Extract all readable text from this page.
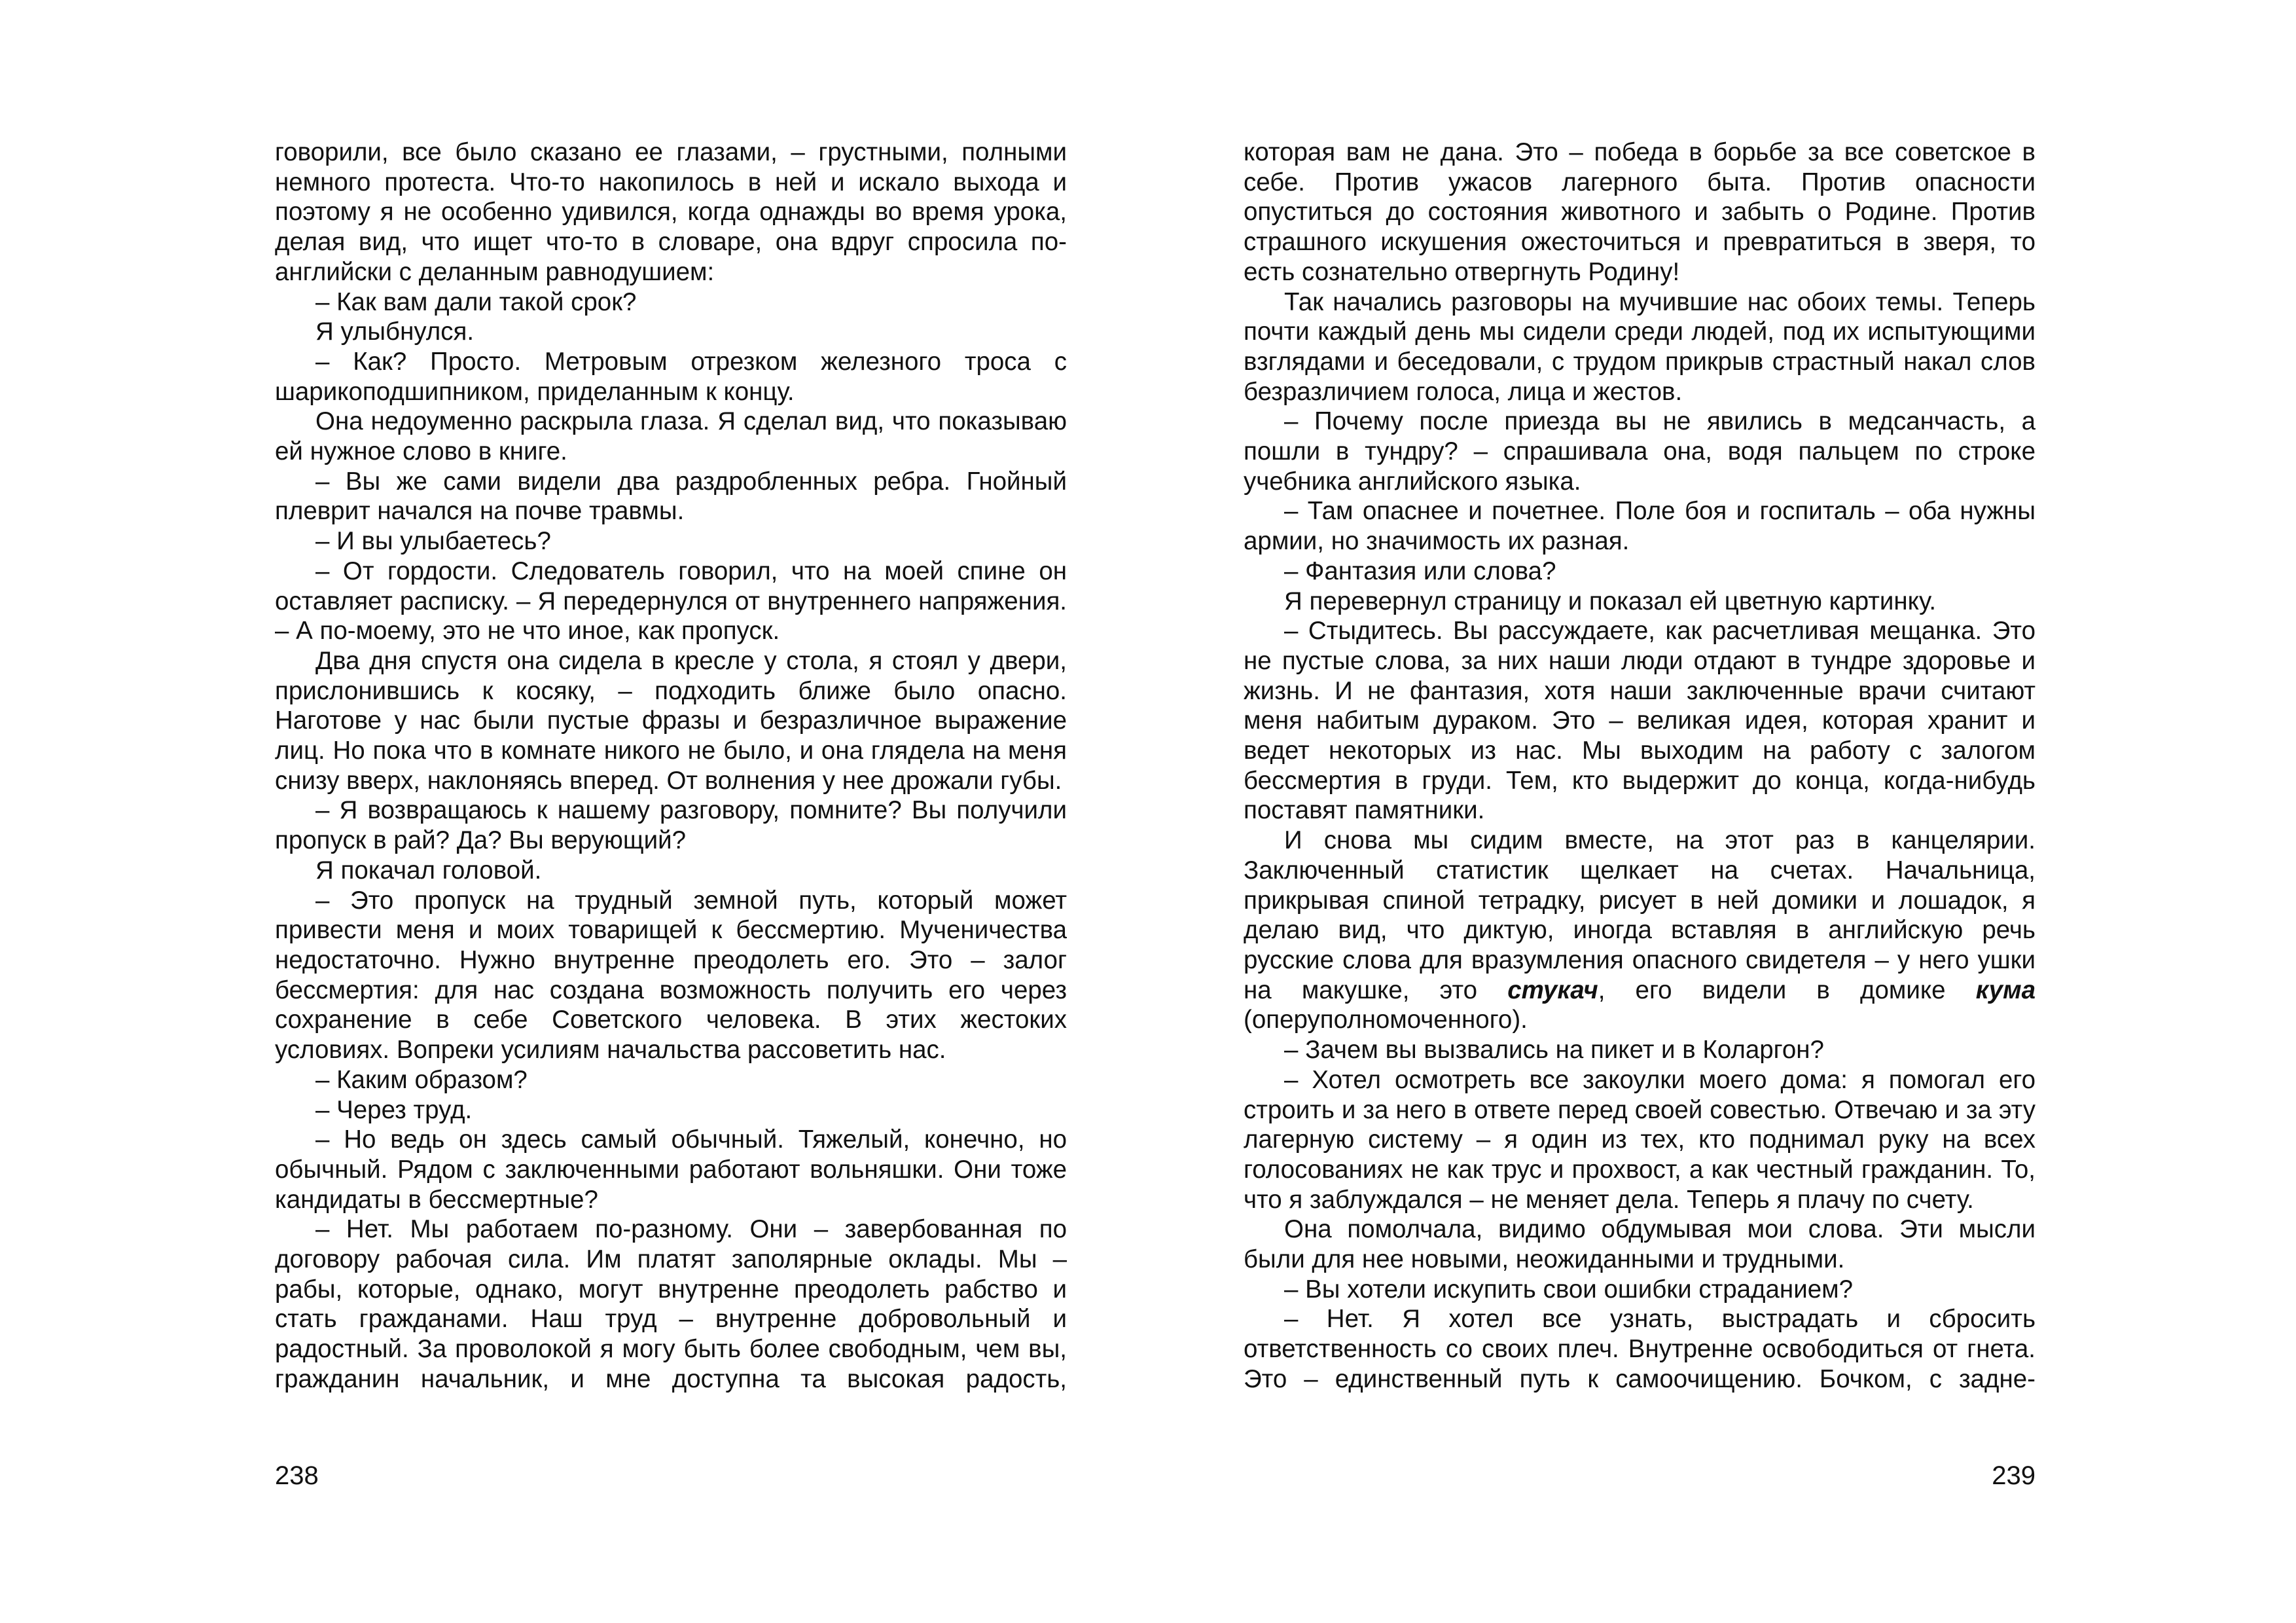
говорили, все было сказано ее глазами, – грустными, полными немного протеста. Что-то накопилось в ней и искало выхода и поэтому я не особенно удивился, когда однажды во время урока, делая вид, что ищет что-то в словаре, она вдруг спросила по-английски с деланным равнодушием:

– Как вам дали такой срок?

Я улыбнулся.

– Как? Просто. Метровым отрезком железного троса с шарикоподшипником, приделанным к концу.

Она недоуменно раскрыла глаза. Я сделал вид, что показываю ей нужное слово в книге.

– Вы же сами видели два раздробленных ребра. Гнойный плеврит начался на почве травмы.

– И вы улыбаетесь?

– От гордости. Следователь говорил, что на моей спине он оставляет расписку. – Я передернулся от внутреннего напряжения. – А по-моему, это не что иное, как пропуск.

Два дня спустя она сидела в кресле у стола, я стоял у двери, прислонившись к косяку, – подходить ближе было опасно. Наготове у нас были пустые фразы и безразличное выражение лиц. Но пока что в комнате никого не было, и она глядела на меня снизу вверх, наклоняясь вперед. От волнения у нее дрожали губы.

– Я возвращаюсь к нашему разговору, помните? Вы получили пропуск в рай? Да? Вы верующий?

Я покачал головой.

– Это пропуск на трудный земной путь, который может привести меня и моих товарищей к бессмертию. Мученичества недостаточно. Нужно внутренне преодолеть его. Это – залог бессмертия: для нас создана возможность получить его через сохранение в себе Советского человека. В этих жестоких условиях. Вопреки усилиям начальства рассоветить нас.

– Каким образом?

– Через труд.

– Но ведь он здесь самый обычный. Тяжелый, конечно, но обычный. Рядом с заключенными работают вольняшки. Они тоже кандидаты в бессмертные?

– Нет. Мы работаем по-разному. Они – завербованная по договору рабочая сила. Им платят заполярные оклады. Мы – рабы, которые, однако, могут внутренне преодолеть рабство и стать гражданами. Наш труд – внутренне добровольный и радостный. За проволокой я могу быть более свободным, чем вы, гражданин начальник, и мне доступна та высокая радость,

238

которая вам не дана. Это – победа в борьбе за все советское в себе. Против ужасов лагерного быта. Против опасности опуститься до состояния животного и забыть о Родине. Против страшного искушения ожесточиться и превратиться в зверя, то есть сознательно отвергнуть Родину!

Так начались разговоры на мучившие нас обоих темы. Теперь почти каждый день мы сидели среди людей, под их испытующими взглядами и беседовали, с трудом прикрыв страстный накал слов безразличием голоса, лица и жестов.

– Почему после приезда вы не явились в медсанчасть, а пошли в тундру? – спрашивала она, водя пальцем по строке учебника английского языка.

– Там опаснее и почетнее. Поле боя и госпиталь – оба нужны армии, но значимость их разная.

– Фантазия или слова?

Я перевернул страницу и показал ей цветную картинку.

– Стыдитесь. Вы рассуждаете, как расчетливая мещанка. Это не пустые слова, за них наши люди отдают в тундре здоровье и жизнь. И не фантазия, хотя наши заключенные врачи считают меня набитым дураком. Это – великая идея, которая хранит и ведет некоторых из нас. Мы выходим на работу с залогом бессмертия в груди. Тем, кто выдержит до конца, когда-нибудь поставят памятники.

И снова мы сидим вместе, на этот раз в канцелярии. Заключенный статистик щелкает на счетах. Начальница, прикрывая спиной тетрадку, рисует в ней домики и лошадок, я делаю вид, что диктую, иногда вставляя в английскую речь русские слова для вразумления опасного свидетеля – у него ушки на макушке, это стукач, его видели в домике кума (оперуполномоченного).

– Зачем вы вызвались на пикет и в Коларгон?

– Хотел осмотреть все закоулки моего дома: я помогал его строить и за него в ответе перед своей совестью. Отвечаю и за эту лагерную систему – я один из тех, кто поднимал руку на всех голосованиях не как трус и прохвост, а как честный гражданин. То, что я заблуждался – не меняет дела. Теперь я плачу по счету.

Она помолчала, видимо обдумывая мои слова. Эти мысли были для нее новыми, неожиданными и трудными.

– Вы хотели искупить свои ошибки страданием?

– Нет. Я хотел все узнать, выстрадать и сбросить ответственность со своих плеч. Внутренне освободиться от гнета. Это – единственный путь к самоочищению. Бочком, с задне-

239
